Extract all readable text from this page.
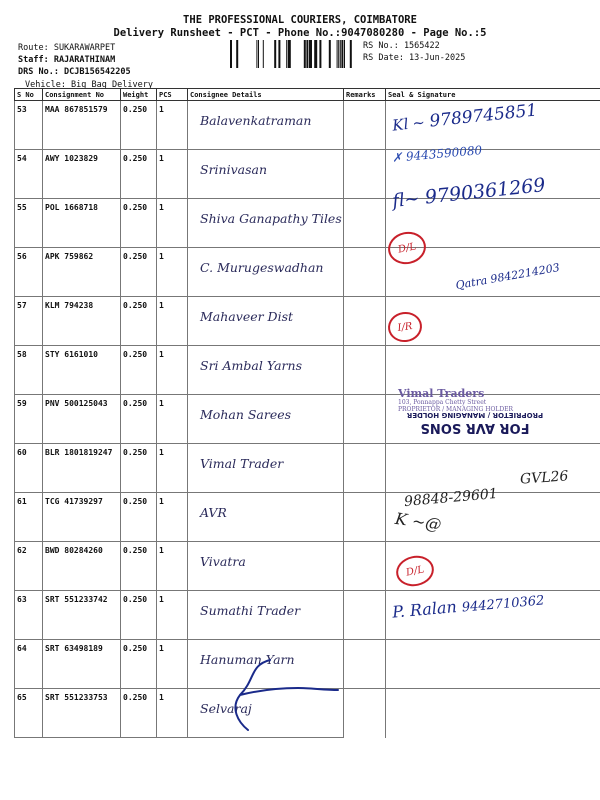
THE PROFESSIONAL COURIERS, COIMBATORE
Delivery Runsheet - PCT - Phone No.:9047080280 - Page No.:5
Route: SUKARAWARPET
Staff: RAJARATHINAM
DRS No.: DCJB156542205
Vehicle: Big Bag Delivery
RS No.: 1565422
RS Date: 13-Jun-2025
S No	Consignment No	Weight	PCS	Consignee Details	Remarks	Seal & Signature
53	MAA 867851579	0.250	1	Balavenkatraman		
54	AWY 1023829	0.250	1	Srinivasan		
55	POL 1668718	0.250	1	Shiva Ganapathy Tiles		
56	APK 759862	0.250	1	C. Murugeswadhan		
57	KLM 794238	0.250	1	Mahaveer Dist		
58	STY 6161010	0.250	1	Sri Ambal Yarns		
59	PNV 500125043	0.250	1	Mohan Sarees		
60	BLR 1801819247	0.250	1	Vimal Trader		
61	TCG 41739297	0.250	1	AVR		
62	BWD 80284260	0.250	1	Vivatra		
63	SRT 551233742	0.250	1	Sumathi Trader		
64	SRT 63498189	0.250	1	Hanuman Yarn		
65	SRT 551233753	0.250	1	Selvaraj		
Kl ~ 9789745851
✗ 9443590080
fl~ 9790361269
Qatra 9842214203
GVL26
98848-29601
K ~@
P. Ralan 9442710362
D/L
I/R
D/L
Vimal Traders
103, Ponnappa Chetty Street
PROPRIETOR / MANAGING HOLDER
FOR AVR SONS
PROPRIETOR / MANAGING HOLDER
